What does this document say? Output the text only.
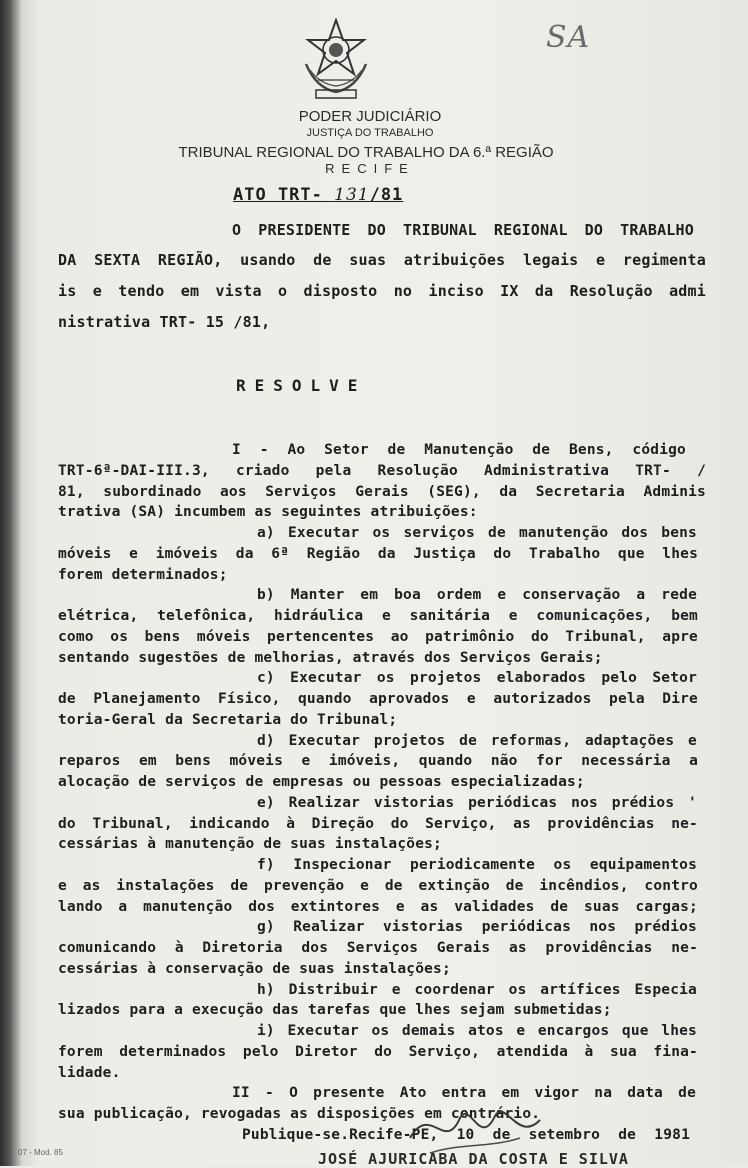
SA

PODER JUDICIÁRIO

JUSTIÇA DO TRABALHO

TRIBUNAL REGIONAL DO TRABALHO DA 6.ª REGIÃO

RECIFE

ATO TRT- 131/81

O PRESIDENTE DO TRIBUNAL REGIONAL DO TRABALHO

DA SEXTA REGIÃO, usando de suas atribuições legais e regimenta

is e tendo em vista o disposto no inciso IX da Resolução admi

nistrativa TRT- 15 /81,

RESOLVE

I - Ao Setor de Manutenção de Bens, código

TRT-6ª-DAI-III.3, criado pela Resolução Administrativa TRT- /

81, subordinado aos Serviços Gerais (SEG), da Secretaria Adminis

trativa (SA) incumbem as seguintes atribuições:

a) Executar os serviços de manutenção dos bens

móveis e imóveis da 6ª Região da Justiça do Trabalho que lhes

forem determinados;

b) Manter em boa ordem e conservação a rede

elétrica, telefônica, hidráulica e sanitária e comunicações, bem

como os bens móveis pertencentes ao patrimônio do Tribunal, apre

sentando sugestões de melhorias, através dos Serviços Gerais;

c) Executar os projetos elaborados pelo Setor

de Planejamento Físico, quando aprovados e autorizados pela Dire

toria-Geral da Secretaria do Tribunal;

d) Executar projetos de reformas, adaptações e

reparos em bens móveis e imóveis, quando não for necessária a

alocação de serviços de empresas ou pessoas especializadas;

e) Realizar vistorias periódicas nos prédios '

do Tribunal, indicando à Direção do Serviço, as providências ne-

cessárias à manutenção de suas instalações;

f) Inspecionar periodicamente os equipamentos

e as instalações de prevenção e de extinção de incêndios, contro

lando a manutenção dos extintores e as validades de suas cargas;

g) Realizar vistorias periódicas nos prédios

comunicando à Diretoria dos Serviços Gerais as providências ne-

cessárias à conservação de suas instalações;

h) Distribuir e coordenar os artífices Especia

lizados para a execução das tarefas que lhes sejam submetidas;

i) Executar os demais atos e encargos que lhes

forem determinados pelo Diretor do Serviço, atendida à sua fina-

lidade.

II - O presente Ato entra em vigor na data de

sua publicação, revogadas as disposições em contrário.

Publique-se.Recife-PE, 10 de setembro de 1981

JOSÉ AJURICABA DA COSTA E SILVA

07 - Mod. 85
